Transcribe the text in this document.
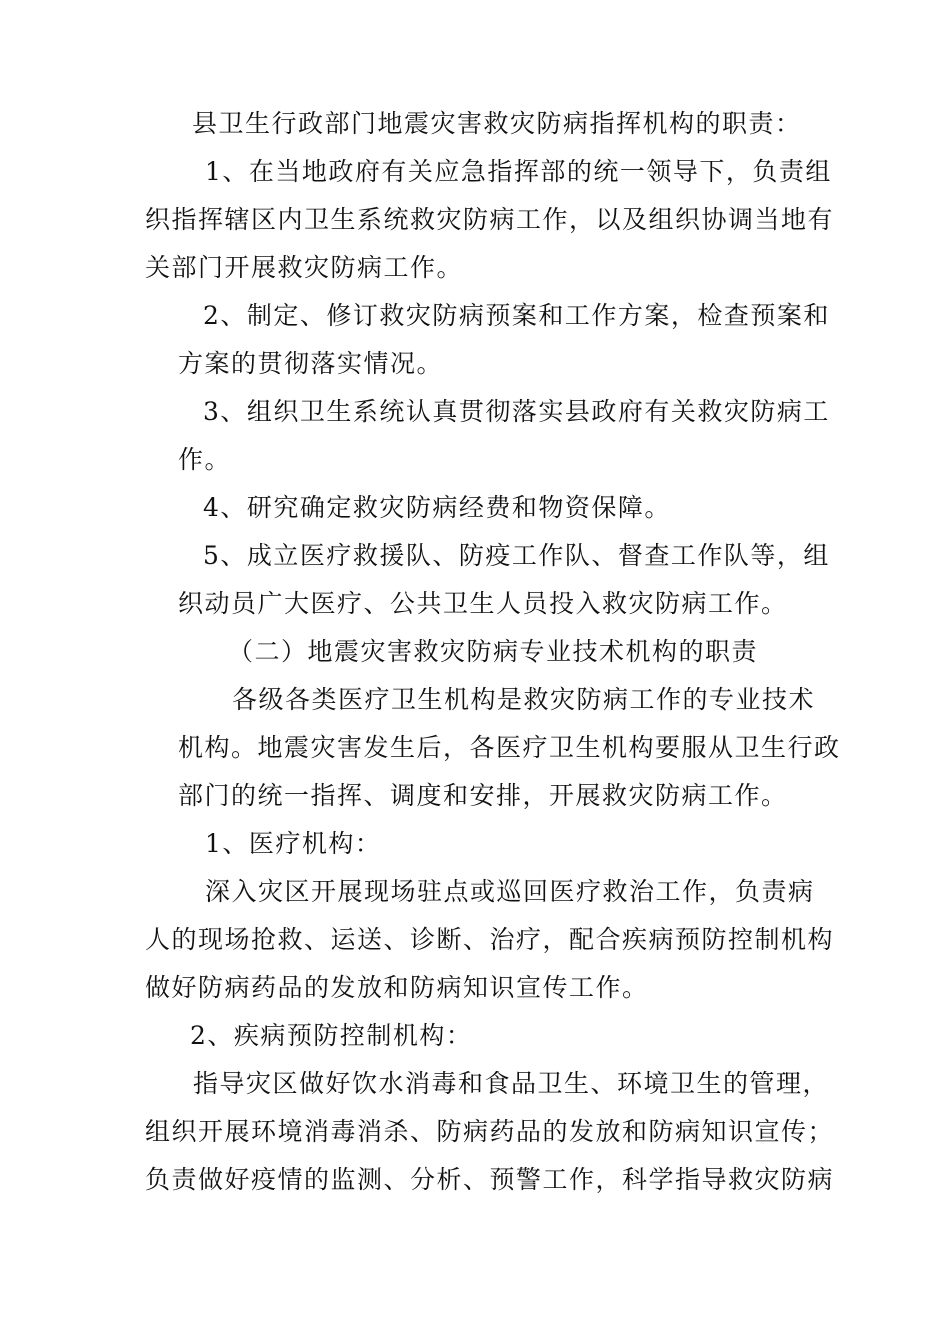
县卫生行政部门地震灾害救灾防病指挥机构的职责：
1、在当地政府有关应急指挥部的统一领导下，负责组
织指挥辖区内卫生系统救灾防病工作，以及组织协调当地有
关部门开展救灾防病工作。
2、制定、修订救灾防病预案和工作方案，检查预案和
方案的贯彻落实情况。
3、组织卫生系统认真贯彻落实县政府有关救灾防病工
作。
4、研究确定救灾防病经费和物资保障。
5、成立医疗救援队、防疫工作队、督查工作队等，组
织动员广大医疗、公共卫生人员投入救灾防病工作。
（二）地震灾害救灾防病专业技术机构的职责
各级各类医疗卫生机构是救灾防病工作的专业技术
机构。地震灾害发生后，各医疗卫生机构要服从卫生行政
部门的统一指挥、调度和安排，开展救灾防病工作。
1、医疗机构：
深入灾区开展现场驻点或巡回医疗救治工作，负责病
人的现场抢救、运送、诊断、治疗，配合疾病预防控制机构
做好防病药品的发放和防病知识宣传工作。
2、疾病预防控制机构：
指导灾区做好饮水消毒和食品卫生、环境卫生的管理，
组织开展环境消毒消杀、防病药品的发放和防病知识宣传；
负责做好疫情的监测、分析、预警工作，科学指导救灾防病
